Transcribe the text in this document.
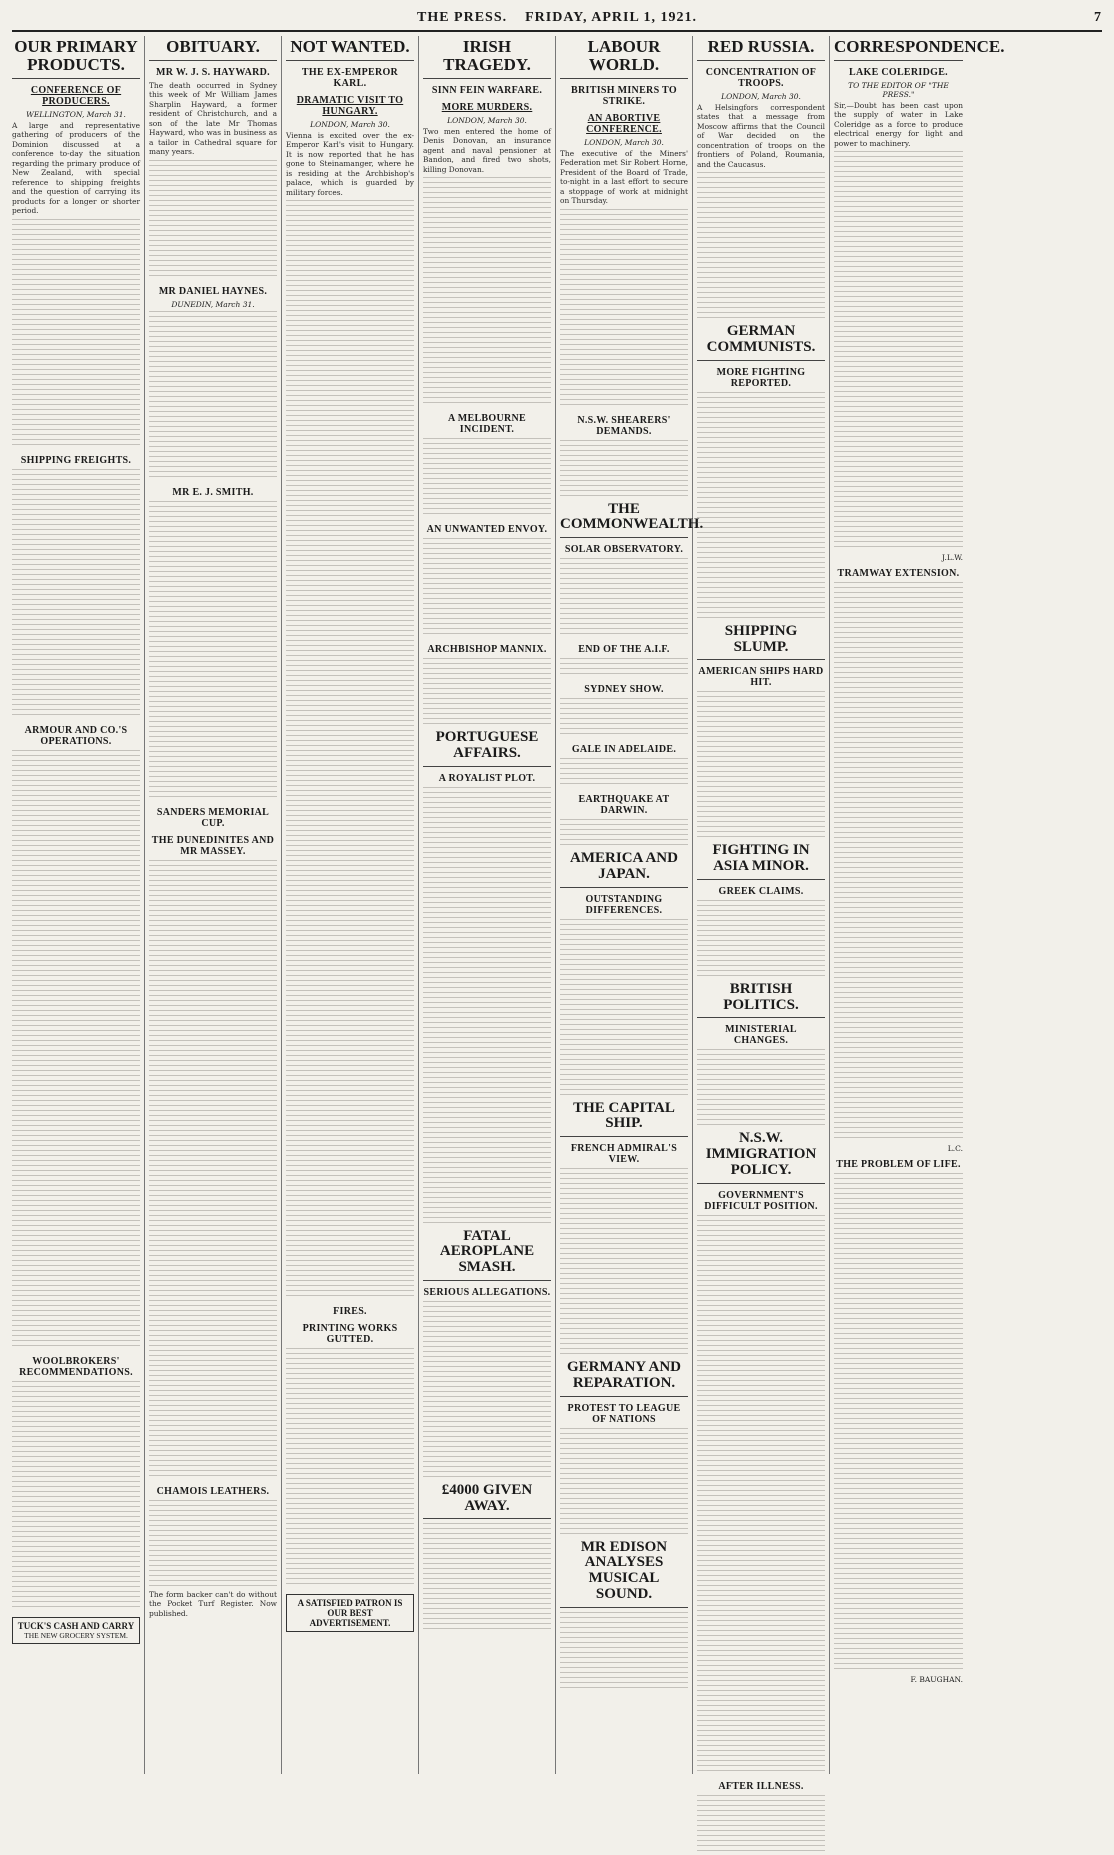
THE PRESS. FRIDAY, APRIL 1, 1921.	7
OUR PRIMARY PRODUCTS.
CONFERENCE OF PRODUCERS.
WELLINGTON, March 31.

A large and representative gathering of producers of the Dominion discussed at a conference to-day the situation regarding the primary produce of New Zealand, with special reference to shipping freights and the question of carrying its products for a longer or shorter period.

SHIPPING FREIGHTS.
ARMOUR AND CO.'S OPERATIONS.
WOOLBROKERS' RECOMMENDATIONS.
TUCK'S CASH AND CARRY
THE NEW GROCERY SYSTEM.
OBITUARY.
MR W. J. S. HAYWARD.

The death occurred in Sydney this week of Mr William James Sharplin Hayward, a former resident of Christchurch, and a son of the late Mr Thomas Hayward, who was in business as a tailor in Cathedral square for many years.

MR DANIEL HAYNES.
DUNEDIN, March 31.
MR E. J. SMITH.
SANDERS MEMORIAL CUP.
THE DUNEDINITES AND MR MASSEY.
CHAMOIS LEATHERS.

The form backer can't do without the Pocket Turf Register. Now published.

NOT WANTED.
THE EX-EMPEROR KARL.
DRAMATIC VISIT TO HUNGARY.
LONDON, March 30.

Vienna is excited over the ex-Emperor Karl's visit to Hungary. It is now reported that he has gone to Steinamanger, where he is residing at the Archbishop's palace, which is guarded by military forces.

FIRES.
PRINTING WORKS GUTTED.
A SATISFIED PATRON IS OUR BEST ADVERTISEMENT.
IRISH TRAGEDY.
SINN FEIN WARFARE.
MORE MURDERS.
LONDON, March 30.

Two men entered the home of Denis Donovan, an insurance agent and naval pensioner at Bandon, and fired two shots, killing Donovan.

A MELBOURNE INCIDENT.
AN UNWANTED ENVOY.
ARCHBISHOP MANNIX.
PORTUGUESE AFFAIRS.
A ROYALIST PLOT.
FATAL AEROPLANE SMASH.
SERIOUS ALLEGATIONS.
£4000 GIVEN AWAY.
LABOUR WORLD.
BRITISH MINERS TO STRIKE.
AN ABORTIVE CONFERENCE.
LONDON, March 30.

The executive of the Miners' Federation met Sir Robert Horne, President of the Board of Trade, to-night in a last effort to secure a stoppage of work at midnight on Thursday.

N.S.W. SHEARERS' DEMANDS.
THE COMMONWEALTH.
SOLAR OBSERVATORY.
END OF THE A.I.F.
SYDNEY SHOW.
GALE IN ADELAIDE.
EARTHQUAKE AT DARWIN.
AMERICA AND JAPAN.
OUTSTANDING DIFFERENCES.
THE CAPITAL SHIP.
FRENCH ADMIRAL'S VIEW.
GERMANY AND REPARATION.
PROTEST TO LEAGUE OF NATIONS
MR EDISON ANALYSES MUSICAL SOUND.
RED RUSSIA.
CONCENTRATION OF TROOPS.
LONDON, March 30.

A Helsingfors correspondent states that a message from Moscow affirms that the Council of War decided on the concentration of troops on the frontiers of Poland, Roumania, and the Caucasus.

GERMAN COMMUNISTS.
MORE FIGHTING REPORTED.
SHIPPING SLUMP.
AMERICAN SHIPS HARD HIT.
FIGHTING IN ASIA MINOR.
GREEK CLAIMS.
BRITISH POLITICS.
MINISTERIAL CHANGES.
N.S.W. IMMIGRATION POLICY.
GOVERNMENT'S DIFFICULT POSITION.
AFTER ILLNESS.
CORRESPONDENCE.
LAKE COLERIDGE.
TO THE EDITOR OF "THE PRESS."

Sir,—Doubt has been cast upon the supply of water in Lake Coleridge as a force to produce electrical energy for light and power to machinery.

J.L.W.
TRAMWAY EXTENSION.
L.C.
THE PROBLEM OF LIFE.
F. BAUGHAN.
